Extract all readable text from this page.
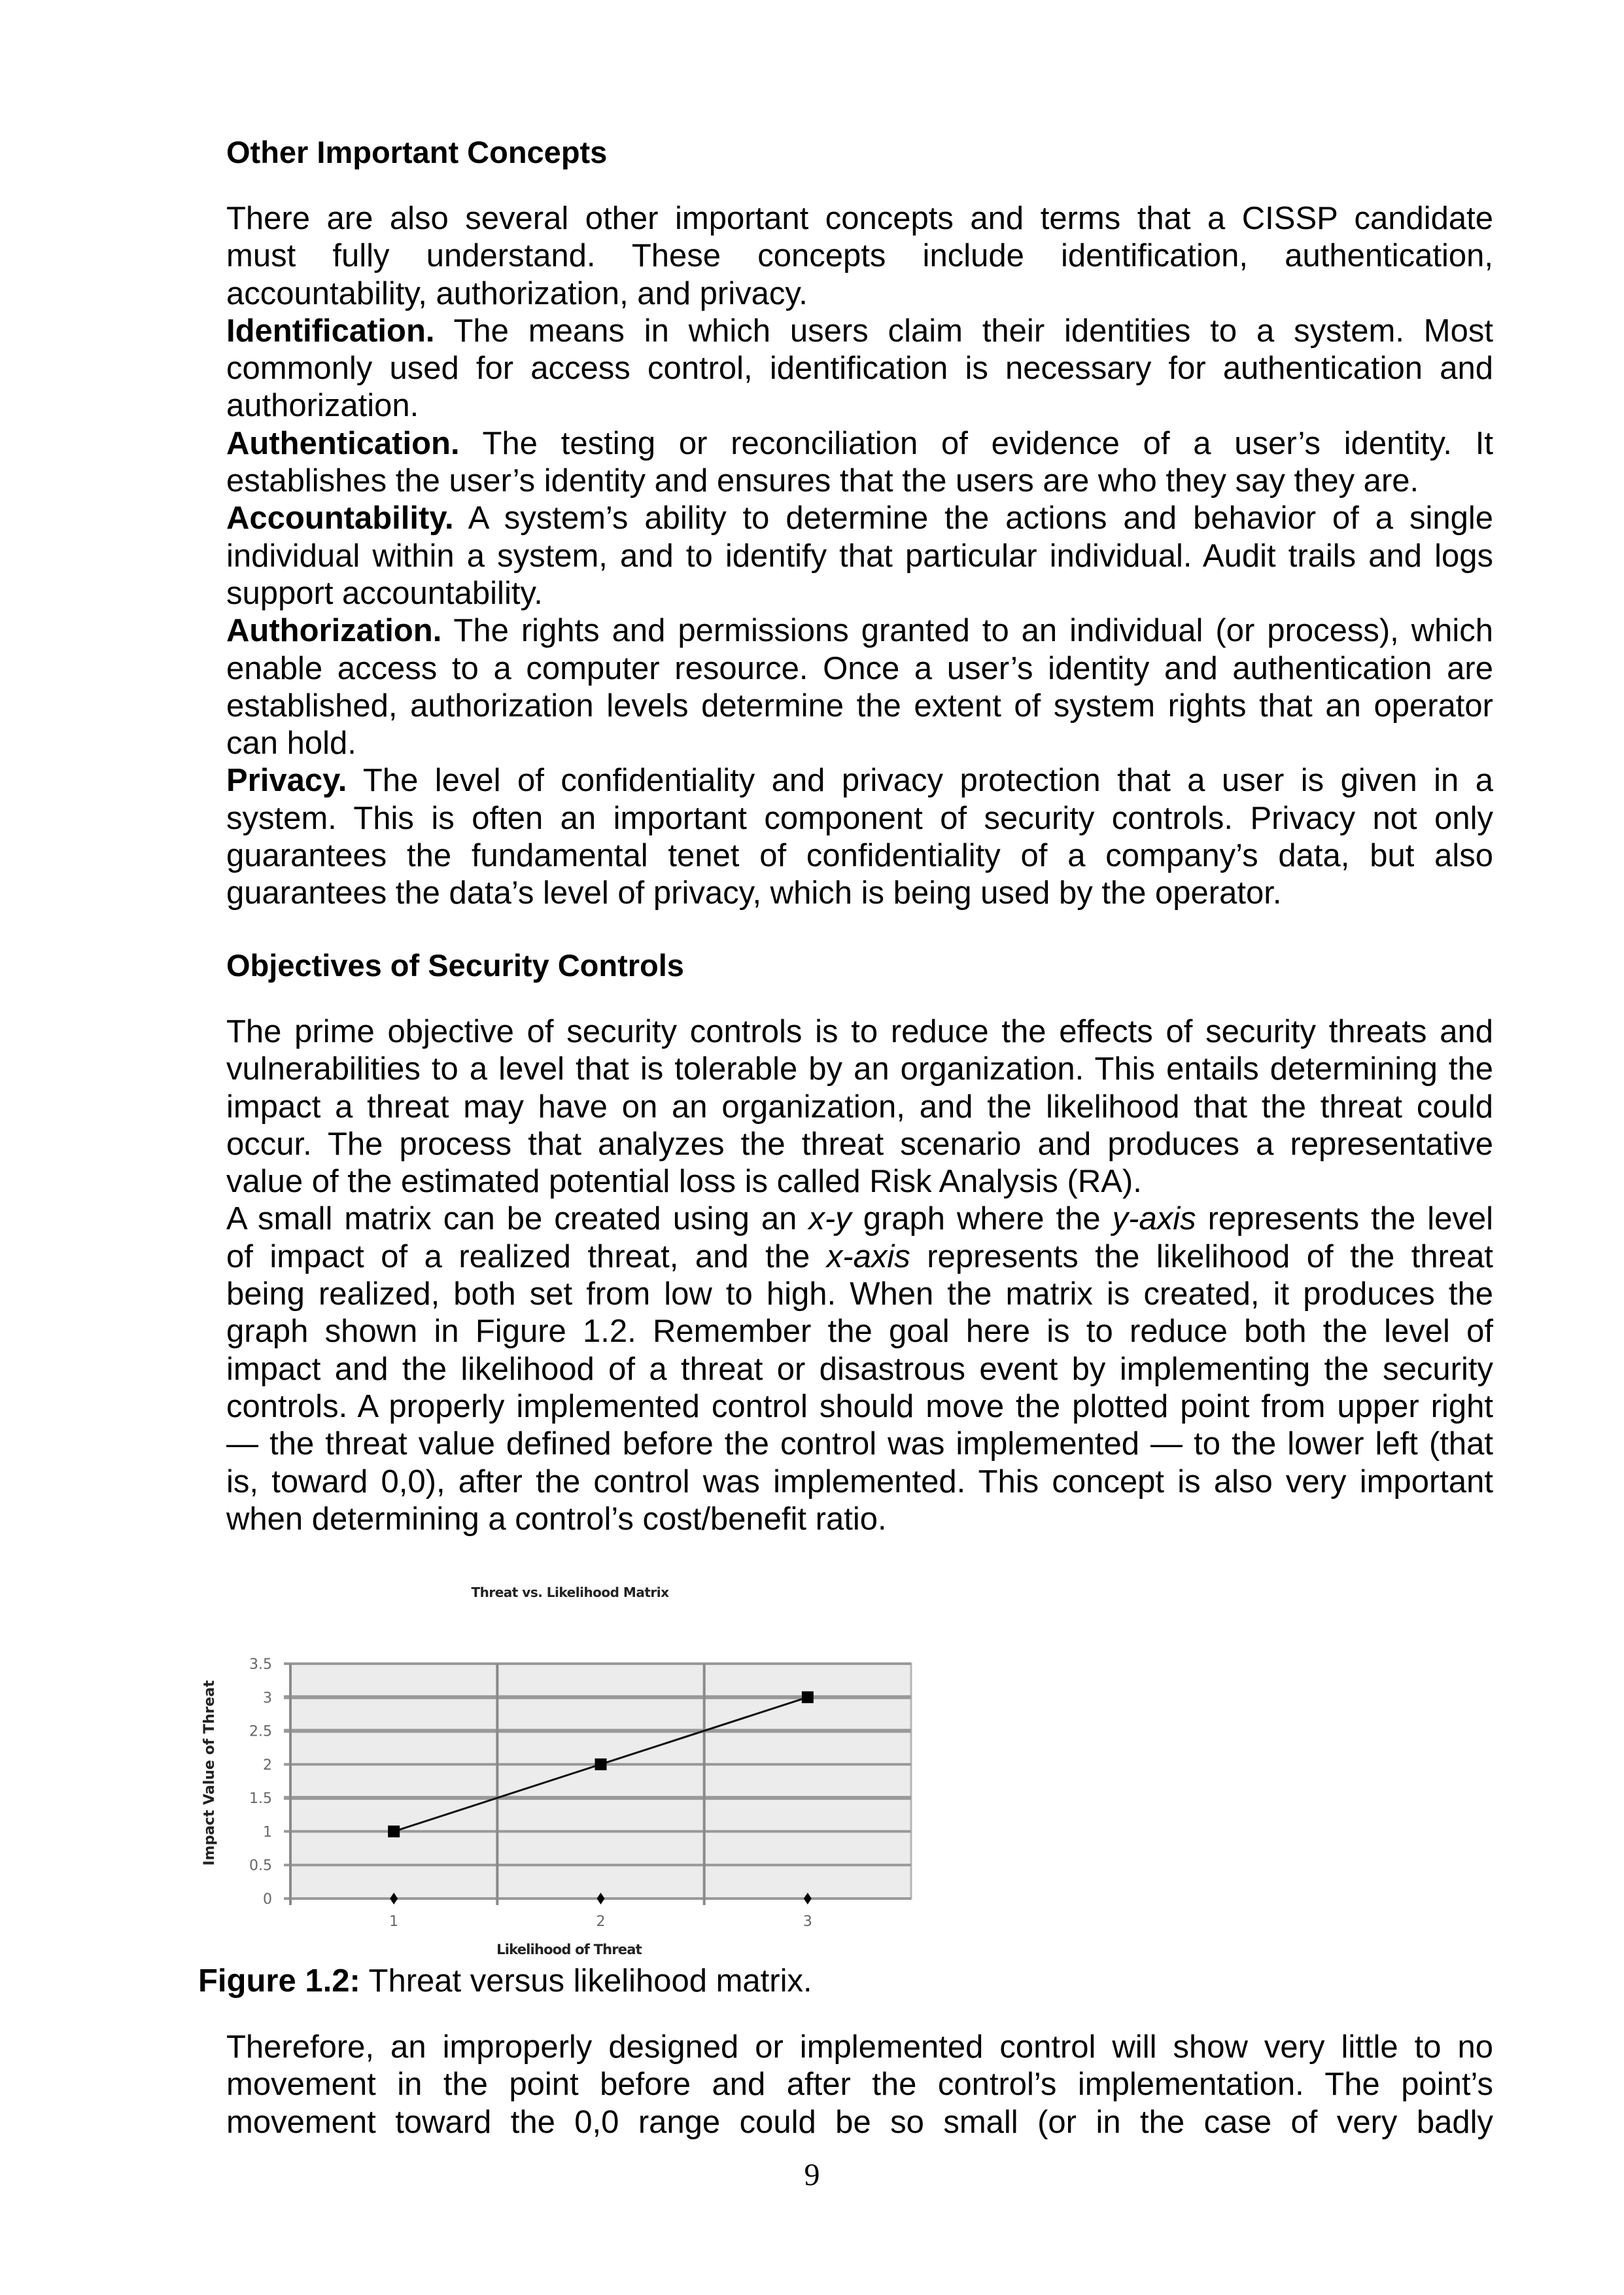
Other Important Concepts
There are also several other important concepts and terms that a CISSP candidate
must fully understand. These concepts include identification, authentication,
accountability, authorization, and privacy.
Identification. The means in which users claim their identities to a system. Most
commonly used for access control, identification is necessary for authentication and
authorization.
Authentication. The testing or reconciliation of evidence of a user’s identity. It
establishes the user’s identity and ensures that the users are who they say they are.
Accountability. A system’s ability to determine the actions and behavior of a single
individual within a system, and to identify that particular individual. Audit trails and logs
support accountability.
Authorization. The rights and permissions granted to an individual (or process), which
enable access to a computer resource. Once a user’s identity and authentication are
established, authorization levels determine the extent of system rights that an operator
can hold.
Privacy. The level of confidentiality and privacy protection that a user is given in a
system. This is often an important component of security controls. Privacy not only
guarantees the fundamental tenet of confidentiality of a company’s data, but also
guarantees the data’s level of privacy, which is being used by the operator.
Objectives of Security Controls
The prime objective of security controls is to reduce the effects of security threats and
vulnerabilities to a level that is tolerable by an organization. This entails determining the
impact a threat may have on an organization, and the likelihood that the threat could
occur. The process that analyzes the threat scenario and produces a representative
value of the estimated potential loss is called Risk Analysis (RA).
A small matrix can be created using an x-y graph where the y-axis represents the level
of impact of a realized threat, and the x-axis represents the likelihood of the threat
being realized, both set from low to high. When the matrix is created, it produces the
graph shown in Figure 1.2. Remember the goal here is to reduce both the level of
impact and the likelihood of a threat or disastrous event by implementing the security
controls. A properly implemented control should move the plotted point from upper right
— the threat value defined before the control was implemented — to the lower left (that
is, toward 0,0), after the control was implemented. This concept is also very important
when determining a control’s cost/benefit ratio.
0
0.5
1
1.5
2
2.5
3
3.5
1	2	3
Threat vs. Likelihood Matrix
Impact Value of Threat
Likelihood of Threat
Figure 1.2: Threat versus likelihood matrix.
Therefore, an improperly designed or implemented control will show very little to no
movement in the point before and after the control’s implementation. The point’s
movement toward the 0,0 range could be so small (or in the case of very badly
9
